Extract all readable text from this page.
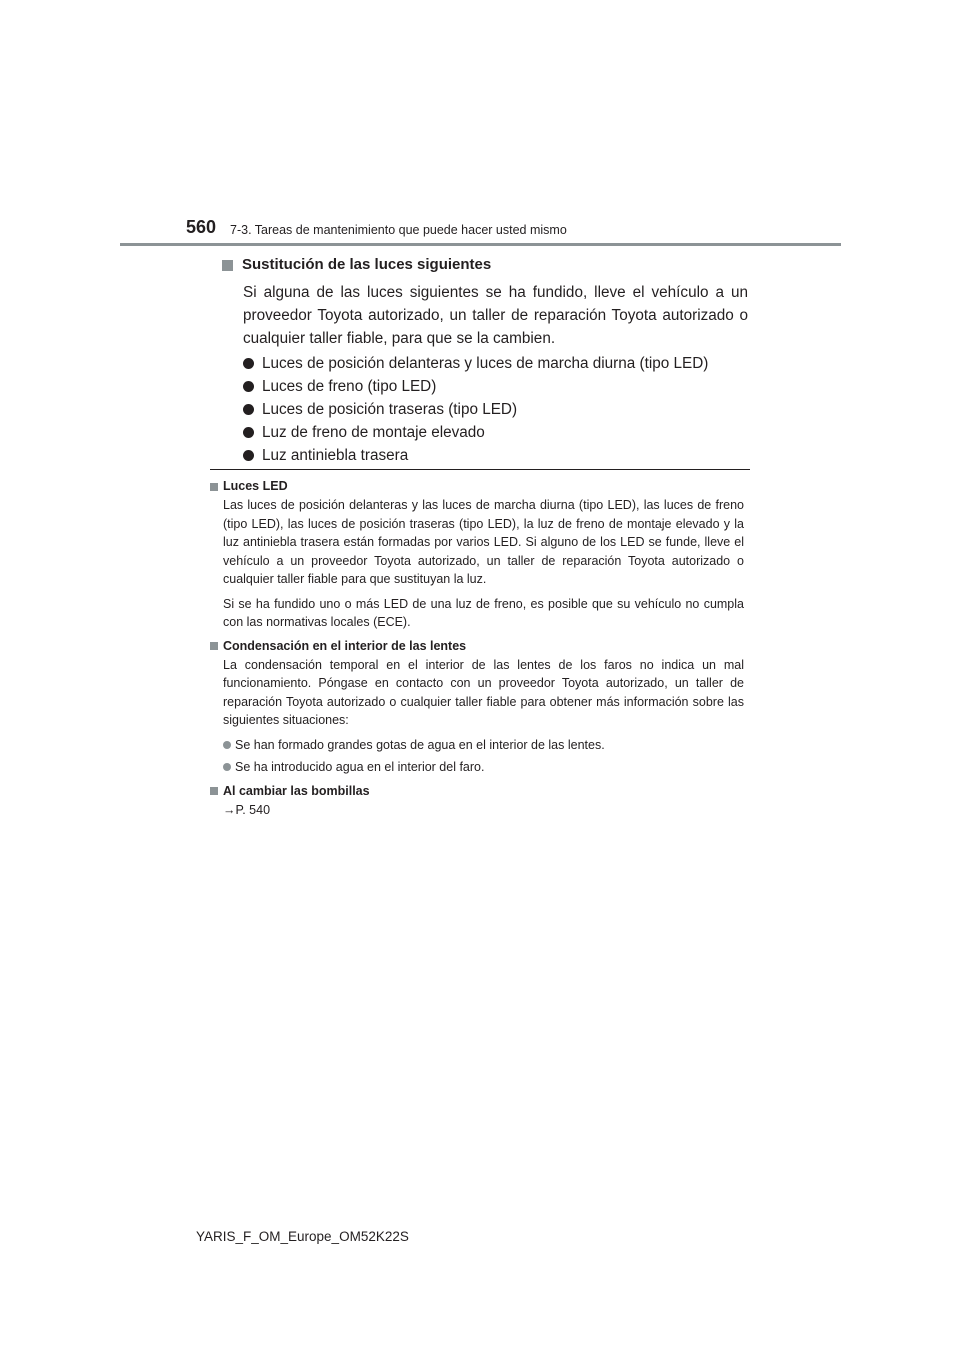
560 7-3. Tareas de mantenimiento que puede hacer usted mismo
Sustitución de las luces siguientes

Si alguna de las luces siguientes se ha fundido, lleve el vehículo a un proveedor Toyota autorizado, un taller de reparación Toyota autorizado o cualquier taller fiable, para que se la cambien.

Luces de posición delanteras y luces de marcha diurna (tipo LED)
Luces de freno (tipo LED)
Luces de posición traseras (tipo LED)
Luz de freno de montaje elevado
Luz antiniebla trasera
Luces LED

Las luces de posición delanteras y las luces de marcha diurna (tipo LED), las luces de freno (tipo LED), las luces de posición traseras (tipo LED), la luz de freno de montaje elevado y la luz antiniebla trasera están formadas por varios LED. Si alguno de los LED se funde, lleve el vehículo a un proveedor Toyota autorizado, un taller de reparación Toyota autorizado o cualquier taller fiable para que sustituyan la luz.

Si se ha fundido uno o más LED de una luz de freno, es posible que su vehículo no cumpla con las normativas locales (ECE).

Condensación en el interior de las lentes

La condensación temporal en el interior de las lentes de los faros no indica un mal funcionamiento. Póngase en contacto con un proveedor Toyota autorizado, un taller de reparación Toyota autorizado o cualquier taller fiable para obtener más información sobre las siguientes situaciones:

Se han formado grandes gotas de agua en el interior de las lentes.
Se ha introducido agua en el interior del faro.
Al cambiar las bombillas

→P. 540

YARIS_F_OM_Europe_OM52K22S
